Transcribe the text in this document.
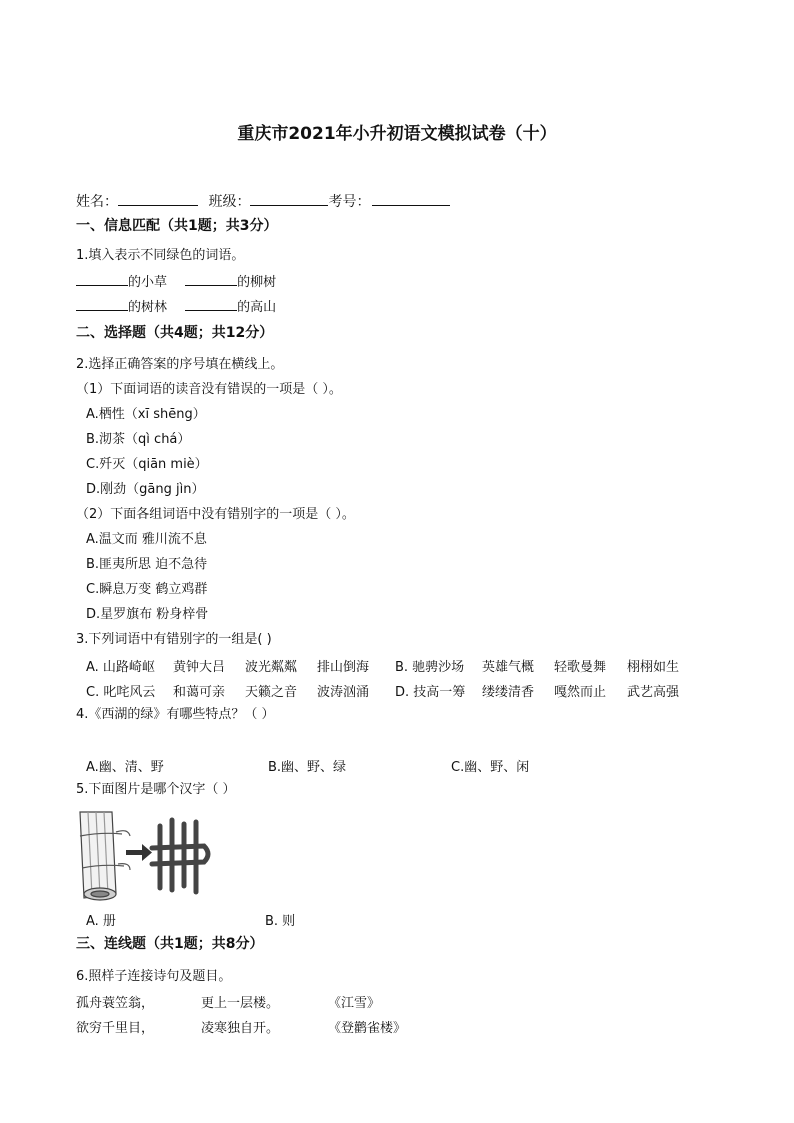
重庆市2021年小升初语文模拟试卷（十）
姓名：	班级：	考号：
一、信息匹配（共1题；共3分）
1.填入表示不同绿色的词语。
的小草	的柳树
的树林	的高山
二、选择题（共4题；共12分）
2.选择正确答案的序号填在横线上。
（1）下面词语的读音没有错误的一项是（ ）。
A.栖性（xī shēng）
B.沏茶（qì chá）
C.歼灭（qiān miè）
D.刚劲（gāng jìn）
（2）下面各组词语中没有错别字的一项是（ ）。
A.温文而 雅川流不息
B.匪夷所思 迫不急待
C.瞬息万变 鹤立鸡群
D.星罗旗布 粉身梓骨
3.下列词语中有错别字的一组是( )
A. 山路崎岖 黄钟大吕 波光粼粼 排山倒海 B. 驰骋沙场 英雄气概 轻歌曼舞 栩栩如生
C. 叱咤风云 和蔼可亲 天籁之音 波涛汹涌 D. 技高一筹 缕缕清香 嘎然而止 武艺高强
4.《西湖的绿》有哪些特点？（ ）
A.幽、清、野	B.幽、野、绿	C.幽、野、闲
5.下面图片是哪个汉字（ ）
A. 册	B. 则
三、连线题（共1题；共8分）
6.照样子连接诗句及题目。
孤舟蓑笠翁，	更上一层楼。	《江雪》
欲穷千里目，	凌寒独自开。	《登鹳雀楼》
